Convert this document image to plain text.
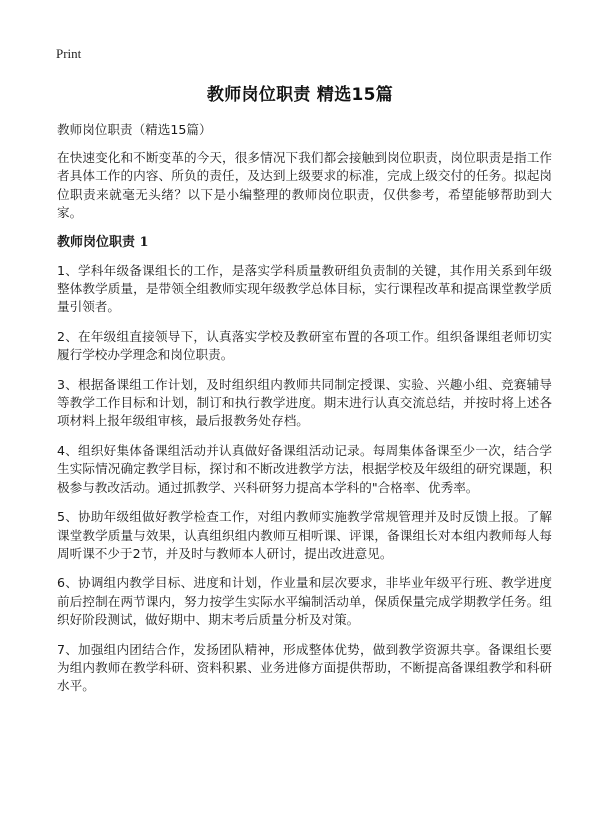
Print
教师岗位职责 精选15篇

教师岗位职责（精选15篇）

在快速变化和不断变革的今天，很多情况下我们都会接触到岗位职责，岗位职责是指工作者具体工作的内容、所负的责任，及达到上级要求的标准，完成上级交付的任务。拟起岗位职责来就毫无头绪？以下是小编整理的教师岗位职责，仅供参考，希望能够帮助到大家。

教师岗位职责 1

1、学科年级备课组长的工作，是落实学科质量教研组负责制的关键，其作用关系到年级整体教学质量，是带领全组教师实现年级教学总体目标，实行课程改革和提高课堂教学质量引领者。

2、在年级组直接领导下，认真落实学校及教研室布置的各项工作。组织备课组老师切实履行学校办学理念和岗位职责。

3、根据备课组工作计划，及时组织组内教师共同制定授课、实验、兴趣小组、竞赛辅导等教学工作目标和计划，制订和执行教学进度。期末进行认真交流总结，并按时将上述各项材料上报年级组审核，最后报教务处存档。

4、组织好集体备课组活动并认真做好备课组活动记录。每周集体备课至少一次，结合学生实际情况确定教学目标，探讨和不断改进教学方法，根据学校及年级组的研究课题，积极参与教改活动。通过抓教学、兴科研努力提高本学科的"合格率、优秀率。

5、协助年级组做好教学检查工作，对组内教师实施教学常规管理并及时反馈上报。了解课堂教学质量与效果，认真组织组内教师互相听课、评课，备课组长对本组内教师每人每周听课不少于2节，并及时与教师本人研讨，提出改进意见。

6、协调组内教学目标、进度和计划，作业量和层次要求，非毕业年级平行班、教学进度前后控制在两节课内，努力按学生实际水平编制活动单，保质保量完成学期教学任务。组织好阶段测试，做好期中、期末考后质量分析及对策。

7、加强组内团结合作，发扬团队精神，形成整体优势，做到教学资源共享。备课组长要为组内教师在教学科研、资料积累、业务进修方面提供帮助，不断提高备课组教学和科研水平。
